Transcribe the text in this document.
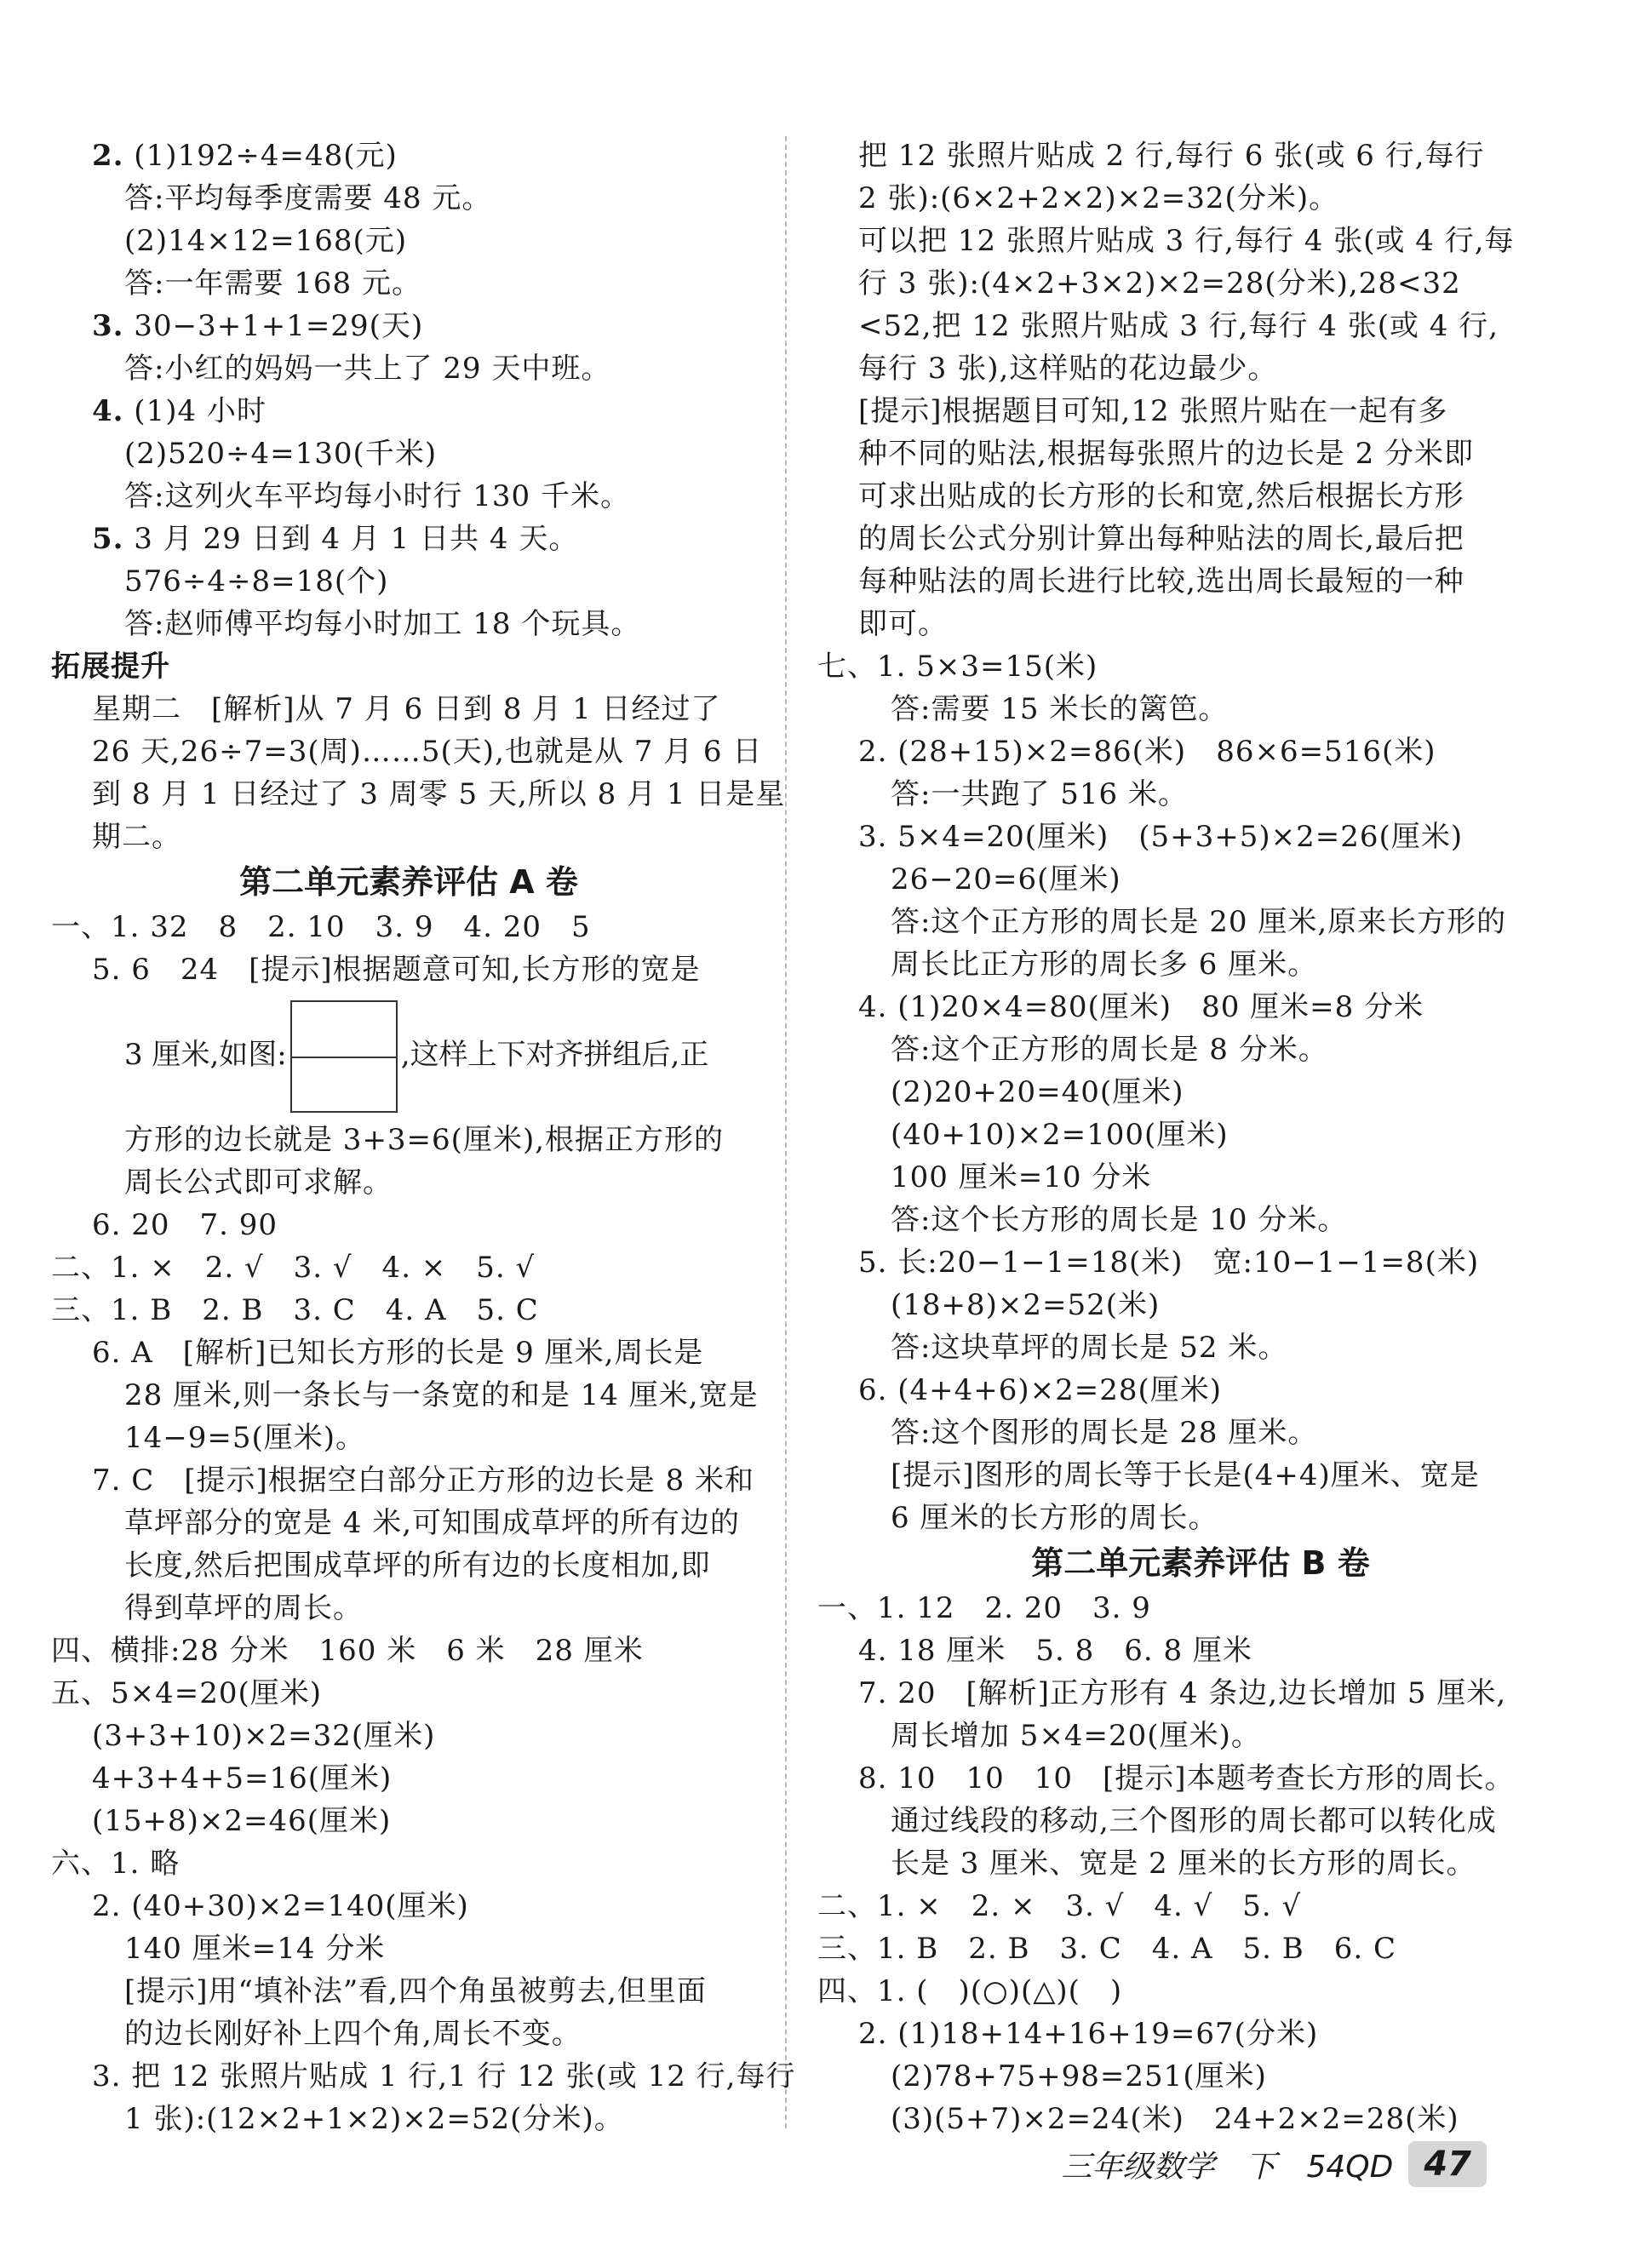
2. (1)192÷4=48(元)
答:平均每季度需要 48 元。
(2)14×12=168(元)
答:一年需要 168 元。
3. 30−3+1+1=29(天)
答:小红的妈妈一共上了 29 天中班。
4. (1)4 小时
(2)520÷4=130(千米)
答:这列火车平均每小时行 130 千米。
5. 3 月 29 日到 4 月 1 日共 4 天。
576÷4÷8=18(个)
答:赵师傅平均每小时加工 18 个玩具。
拓展提升
星期二　[解析]从 7 月 6 日到 8 月 1 日经过了
26 天,26÷7=3(周)……5(天),也就是从 7 月 6 日
到 8 月 1 日经过了 3 周零 5 天,所以 8 月 1 日是星
期二。
第二单元素养评估 A 卷
一、1. 32　8　2. 10　3. 9　4. 20　5
5. 6　24　[提示]根据题意可知,长方形的宽是
3 厘米,如图:	,这样上下对齐拼组后,正
方形的边长就是 3+3=6(厘米),根据正方形的
周长公式即可求解。
6. 20　7. 90
二、1. ×　2. √　3. √　4. ×　5. √
三、1. B　2. B　3. C　4. A　5. C
6. A　[解析]已知长方形的长是 9 厘米,周长是
28 厘米,则一条长与一条宽的和是 14 厘米,宽是
14−9=5(厘米)。
7. C　[提示]根据空白部分正方形的边长是 8 米和
草坪部分的宽是 4 米,可知围成草坪的所有边的
长度,然后把围成草坪的所有边的长度相加,即
得到草坪的周长。
四、横排:28 分米　160 米　6 米　28 厘米
五、5×4=20(厘米)
(3+3+10)×2=32(厘米)
4+3+4+5=16(厘米)
(15+8)×2=46(厘米)
六、1. 略
2. (40+30)×2=140(厘米)
140 厘米=14 分米
[提示]用“填补法”看,四个角虽被剪去,但里面
的边长刚好补上四个角,周长不变。
3. 把 12 张照片贴成 1 行,1 行 12 张(或 12 行,每行
1 张):(12×2+1×2)×2=52(分米)。
把 12 张照片贴成 2 行,每行 6 张(或 6 行,每行
2 张):(6×2+2×2)×2=32(分米)。
可以把 12 张照片贴成 3 行,每行 4 张(或 4 行,每
行 3 张):(4×2+3×2)×2=28(分米),28<32
<52,把 12 张照片贴成 3 行,每行 4 张(或 4 行,
每行 3 张),这样贴的花边最少。
[提示]根据题目可知,12 张照片贴在一起有多
种不同的贴法,根据每张照片的边长是 2 分米即
可求出贴成的长方形的长和宽,然后根据长方形
的周长公式分别计算出每种贴法的周长,最后把
每种贴法的周长进行比较,选出周长最短的一种
即可。
七、1. 5×3=15(米)
答:需要 15 米长的篱笆。
2. (28+15)×2=86(米)　86×6=516(米)
答:一共跑了 516 米。
3. 5×4=20(厘米)　(5+3+5)×2=26(厘米)
26−20=6(厘米)
答:这个正方形的周长是 20 厘米,原来长方形的
周长比正方形的周长多 6 厘米。
4. (1)20×4=80(厘米)　80 厘米=8 分米
答:这个正方形的周长是 8 分米。
(2)20+20=40(厘米)
(40+10)×2=100(厘米)
100 厘米=10 分米
答:这个长方形的周长是 10 分米。
5. 长:20−1−1=18(米)　宽:10−1−1=8(米)
(18+8)×2=52(米)
答:这块草坪的周长是 52 米。
6. (4+4+6)×2=28(厘米)
答:这个图形的周长是 28 厘米。
[提示]图形的周长等于长是(4+4)厘米、宽是
6 厘米的长方形的周长。
第二单元素养评估 B 卷
一、1. 12　2. 20　3. 9
4. 18 厘米　5. 8　6. 8 厘米
7. 20　[解析]正方形有 4 条边,边长增加 5 厘米,
周长增加 5×4=20(厘米)。
8. 10　10　10　[提示]本题考查长方形的周长。
通过线段的移动,三个图形的周长都可以转化成
长是 3 厘米、宽是 2 厘米的长方形的周长。
二、1. ×　2. ×　3. √　4. √　5. √
三、1. B　2. B　3. C　4. A　5. B　6. C
四、1. (　)(○)(△)(　)
2. (1)18+14+16+19=67(分米)
(2)78+75+98=251(厘米)
(3)(5+7)×2=24(米)　24+2×2=28(米)
三年级数学　下　54QD 47
